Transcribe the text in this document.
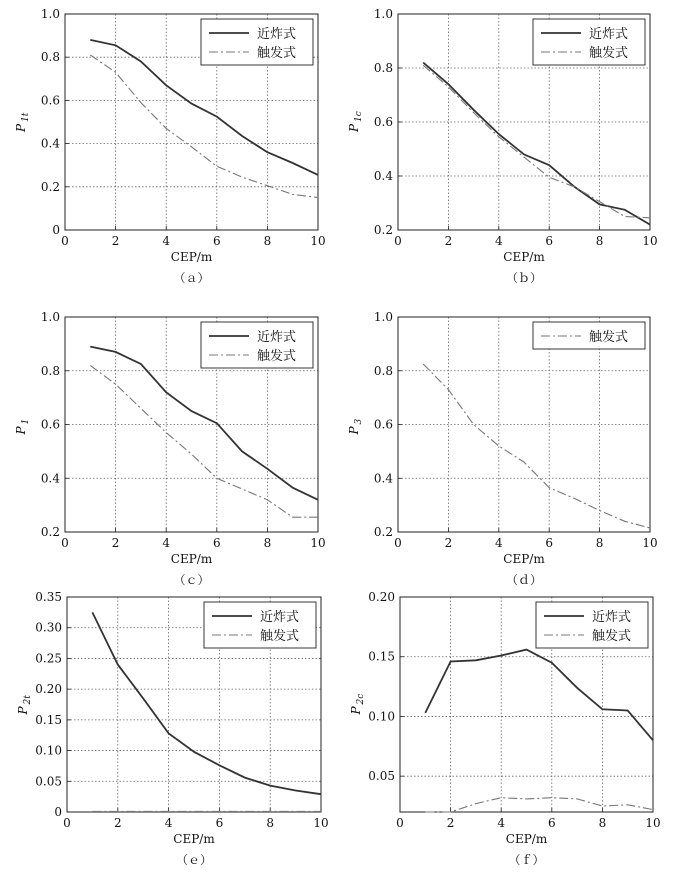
0	2	4	6	8	10
0
0.2
0.4
0.6
0.8
1.0
近炸式
触发式
CEP/m
P
1t
（ａ）
0	2	4	6	8	10
0.2
0.4
0.6
0.8
1.0
近炸式
触发式
CEP/m
P
1c
（ｂ）
0	2	4	6	8	10
0.2
0.4
0.6
0.8
1.0
近炸式
触发式
CEP/m
P
1
（ｃ）
0	2	4	6	8	10
0.2
0.4
0.6
0.8
1.0
触发式
CEP/m
P
3
（ｄ）
0	2	4	6	8	10
0
0.05
0.10
0.15
0.20
0.25
0.30
0.35
近炸式
触发式
CEP/m
P
2t
（ｅ）
0	2	4	6	8	10
0.05
0.10
0.15
0.20
近炸式
触发式
CEP/m
P
2c
（ｆ）
